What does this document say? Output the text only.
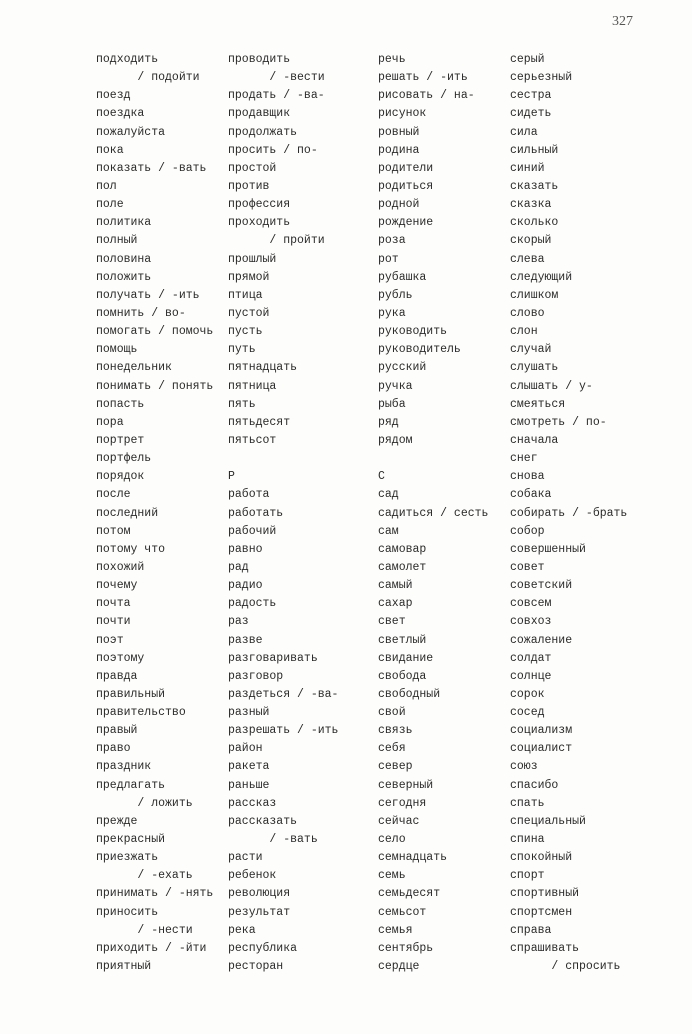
327
подходить
/ подойти
поезд
поездка
пожалуйста
пока
показать / -вать
пол
поле
политика
полный
половина
положить
получать / -ить
помнить / во-
помогать / помочь
помощь
понедельник
понимать / понять
попасть
пора
портрет
портфель
порядок
после
последний
потом
потому что
похожий
почему
почта
почти
поэт
поэтому
правда
правильный
правительство
правый
право
праздник
предлагать
/ ложить
прежде
прекрасный
приезжать
/ -ехать
принимать / -нять
приносить
/ -нести
приходить / -йти
приятный
проводить
/ -вести
продать / -ва-
продавщик
продолжать
просить / по-
простой
против
профессия
проходить
/ пройти
прошлый
прямой
птица
пустой
пусть
путь
пятнадцать
пятница
пять
пятьдесят
пятьсот
Р
работа
работать
рабочий
равно
рад
радио
радость
раз
разве
разговаривать
разговор
раздеться / -ва-
разный
разрешать / -ить
район
ракета
раньше
рассказ
рассказать
/ -вать
расти
ребенок
революция
результат
река
республика
ресторан
речь
решать / -ить
рисовать / на-
рисунок
ровный
родина
родители
родиться
родной
рождение
роза
рот
рубашка
рубль
рука
руководить
руководитель
русский
ручка
рыба
ряд
рядом
С
сад
садиться / сесть
сам
самовар
самолет
самый
сахар
свет
светлый
свидание
свобода
свободный
свой
связь
себя
север
северный
сегодня
сейчас
село
семнадцать
семь
семьдесят
семьсот
семья
сентябрь
сердце
серый
серьезный
сестра
сидеть
сила
сильный
синий
сказать
сказка
сколько
скорый
слева
следующий
слишком
слово
слон
случай
слушать
слышать / у-
смеяться
смотреть / по-
сначала
снег
снова
собака
собирать / -брать
собор
совершенный
совет
советский
совсем
совхоз
сожаление
солдат
солнце
сорок
сосед
социализм
социалист
союз
спасибо
спать
специальный
спина
спокойный
спорт
спортивный
спортсмен
справа
спрашивать
/ спросить
